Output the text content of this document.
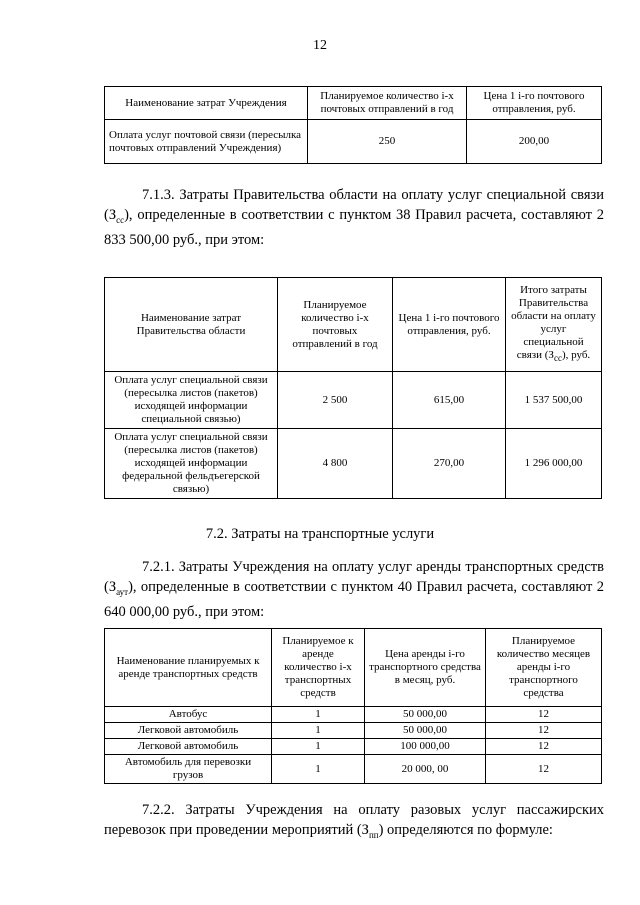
12
Наименование затрат Учреждения	Планируемое количество i-х почтовых отправлений в год	Цена 1 i-го почтового отправления, руб.
Оплата услуг почтовой связи (пересылка почтовых отправлений Учреждения)	250	200,00
7.1.3. Затраты Правительства области на оплату услуг специальной связи $(З_{сс})$, определенные в соответствии с пунктом 38 Правил расчета, составляют 2 833 500,00 руб., при этом:
Наименование затрат Правительства области	Планируемое количество i-х почтовых отправлений в год	Цена 1 i-го почтового отправления, руб.	Итого затраты Правительства области на оплату услуг специальной связи $(З_{сс})$, руб.
Оплата услуг специальной связи (пересылка листов (пакетов) исходящей информации специальной связью)	2 500	615,00	1 537 500,00
Оплата услуг специальной связи (пересылка листов (пакетов) исходящей информации федеральной фельдъегерской связью)	4 800	270,00	1 296 000,00
7.2. Затраты на транспортные услуги
7.2.1. Затраты Учреждения на оплату услуг аренды транспортных средств $(З_{аут})$, определенные в соответствии с пунктом 40 Правил расчета, составляют 2 640 000,00 руб., при этом:
Наименование планируемых к аренде транспортных средств	Планируемое к аренде количество i-х транспортных средств	Цена аренды i-го транспортного средства в месяц, руб.	Планируемое количество месяцев аренды i-го транспортного средства
Автобус	1	50 000,00	12
Легковой автомобиль	1	50 000,00	12
Легковой автомобиль	1	100 000,00	12
Автомобиль для перевозки грузов	1	20 000, 00	12
7.2.2. Затраты Учреждения на оплату разовых услуг пассажирских перевозок при проведении мероприятий $(З_{пп})$ определяются по формуле:
